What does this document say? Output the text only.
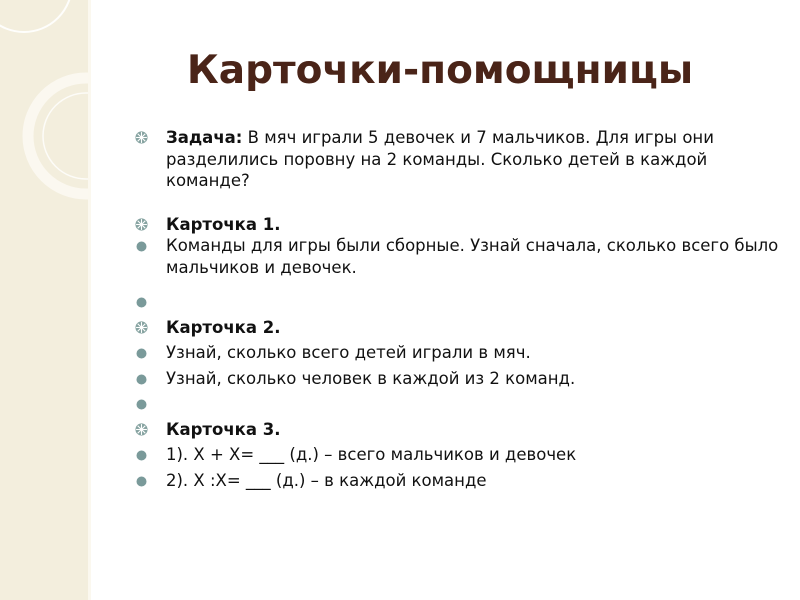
Карточки-помощницы
Задача: В мяч играли 5 девочек и 7 мальчиков. Для игры они разделились поровну на 2 команды. Сколько детей в каждой команде?
Карточка 1.
Команды для игры были сборные. Узнай сначала, сколько всего было мальчиков и девочек.

Карточка 2.
Узнай, сколько всего детей играли в мяч.
Узнай, сколько человек в каждой из 2 команд.

Карточка 3.
1). Х + Х= ___ (д.) – всего мальчиков и девочек
2). Х :Х= ___ (д.) – в каждой команде
